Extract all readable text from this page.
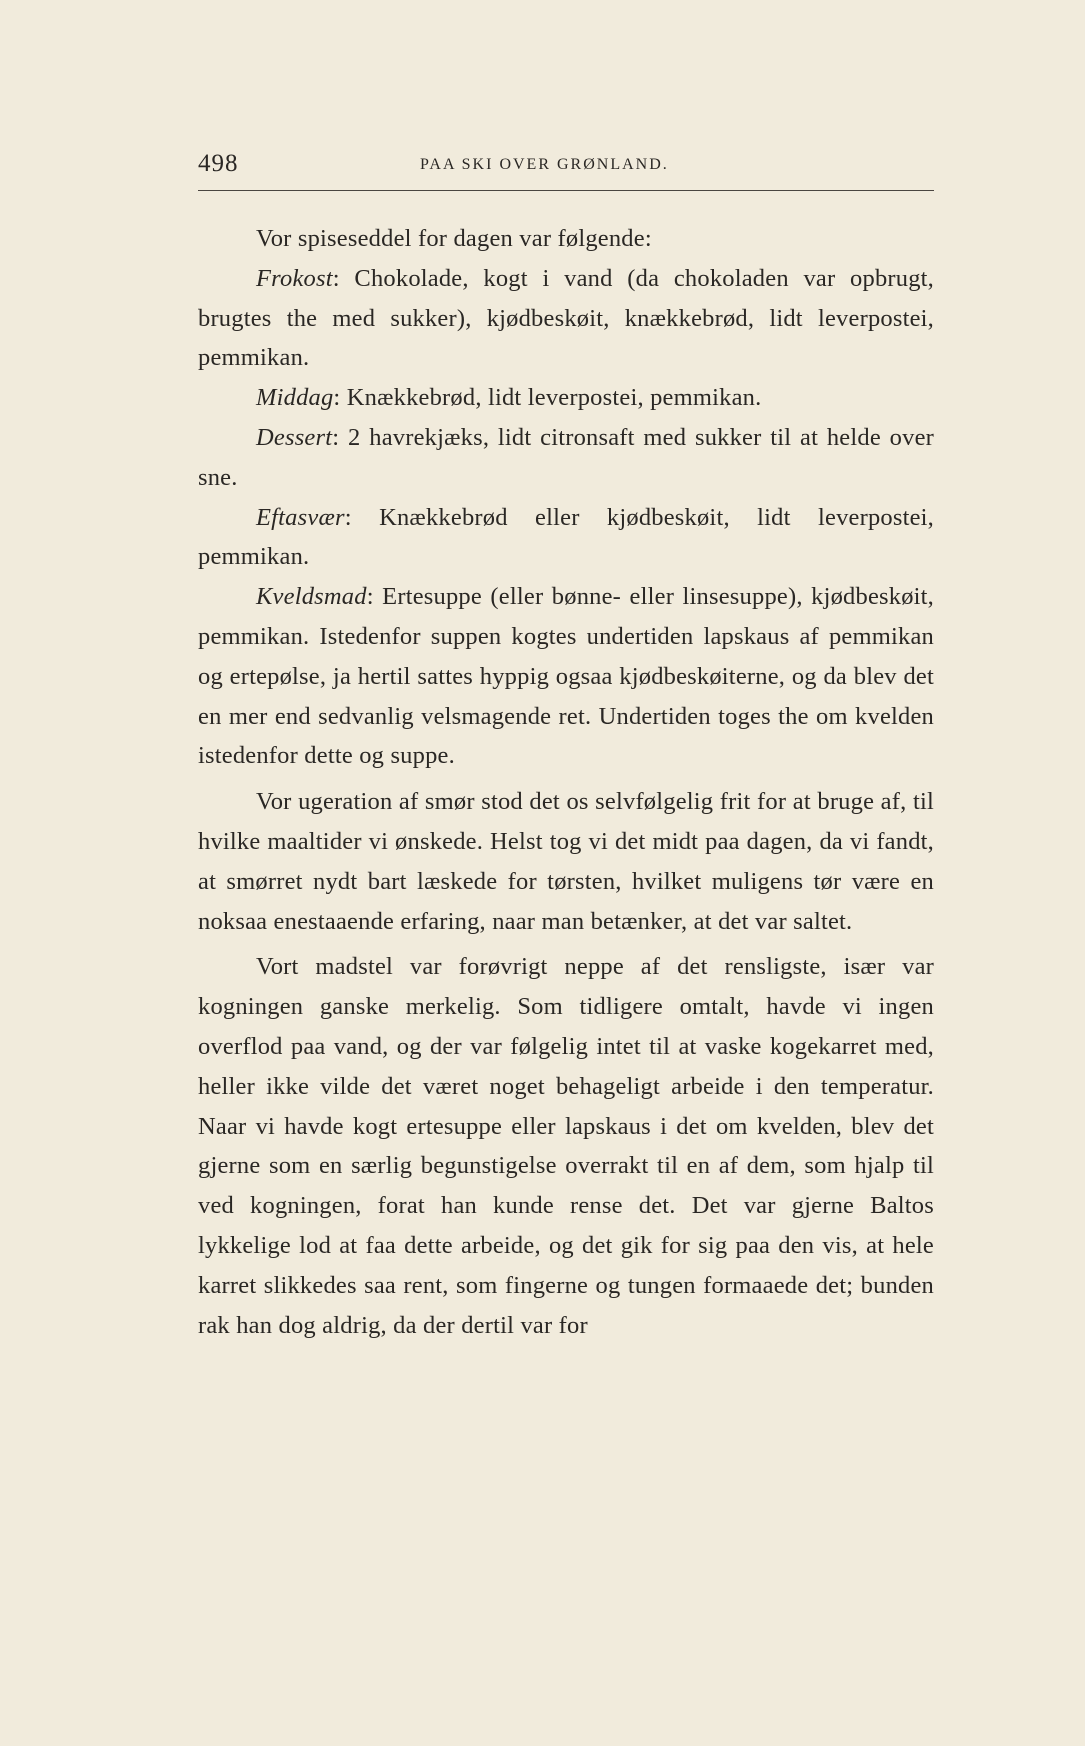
498	PAA SKI OVER GRØNLAND.

Vor spiseseddel for dagen var følgende:

Frokost: Chokolade, kogt i vand (da chokoladen var opbrugt, brugtes the med sukker), kjødbeskøit, knækkebrød, lidt leverpostei, pemmikan.

Middag: Knækkebrød, lidt leverpostei, pemmikan.

Dessert: 2 havrekjæks, lidt citronsaft med sukker til at helde over sne.

Eftasvær: Knækkebrød eller kjødbeskøit, lidt leverpostei, pemmikan.

Kveldsmad: Ertesuppe (eller bønne- eller linsesuppe), kjødbeskøit, pemmikan. Istedenfor suppen kogtes undertiden lapskaus af pemmikan og ertepølse, ja hertil sattes hyppig ogsaa kjødbeskøiterne, og da blev det en mer end sedvanlig velsmagende ret. Undertiden toges the om kvelden istedenfor dette og suppe.

Vor ugeration af smør stod det os selvfølgelig frit for at bruge af, til hvilke maaltider vi ønskede. Helst tog vi det midt paa dagen, da vi fandt, at smørret nydt bart læskede for tørsten, hvilket muligens tør være en noksaa enestaaende erfaring, naar man betænker, at det var saltet.

Vort madstel var forøvrigt neppe af det rensligste, især var kogningen ganske merkelig. Som tidligere omtalt, havde vi ingen overflod paa vand, og der var følgelig intet til at vaske kogekarret med, heller ikke vilde det været noget behageligt arbeide i den temperatur. Naar vi havde kogt ertesuppe eller lapskaus i det om kvelden, blev det gjerne som en særlig begunstigelse overrakt til en af dem, som hjalp til ved kogningen, forat han kunde rense det. Det var gjerne Baltos lykkelige lod at faa dette arbeide, og det gik for sig paa den vis, at hele karret slikkedes saa rent, som fingerne og tungen formaaede det; bunden rak han dog aldrig, da der dertil var for
